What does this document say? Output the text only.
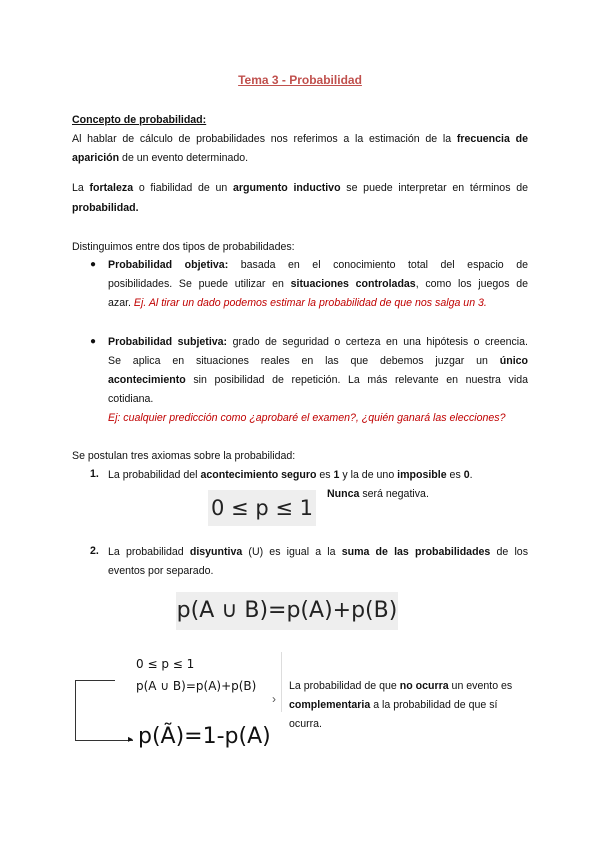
Tema 3 - Probabilidad
Concepto de probabilidad:
Al hablar de cálculo de probabilidades nos referimos a la estimación de la frecuencia de
aparición de un evento determinado.
La fortaleza o fiabilidad de un argumento inductivo se puede interpretar en términos de
probabilidad.
Distinguimos entre dos tipos de probabilidades:
● Probabilidad objetiva: basada en el conocimiento total del espacio de
posibilidades. Se puede utilizar en situaciones controladas, como los juegos de
azar. Ej. Al tirar un dado podemos estimar la probabilidad de que nos salga un 3.
● Probabilidad subjetiva: grado de seguridad o certeza en una hipótesis o creencia.
Se aplica en situaciones reales en las que debemos juzgar un único
acontecimiento sin posibilidad de repetición. La más relevante en nuestra vida
cotidiana.
Ej: cualquier predicción como ¿aprobaré el examen?, ¿quién ganará las elecciones?
Se postulan tres axiomas sobre la probabilidad:
1. La probabilidad del acontecimiento seguro es 1 y la de uno imposible es 0.
0 ≤ p ≤ 1
Nunca será negativa.
2. La probabilidad disyuntiva (U) es igual a la suma de las probabilidades de los
eventos por separado.
p(A ∪ B)=p(A)+p(B)
0 ≤ p ≤ 1
p(A ∪ B)=p(A)+p(B)
p(Ã)=1-p(A)
▸
›
La probabilidad de que no ocurra un evento es
complementaria a la probabilidad de que sí
ocurra.
